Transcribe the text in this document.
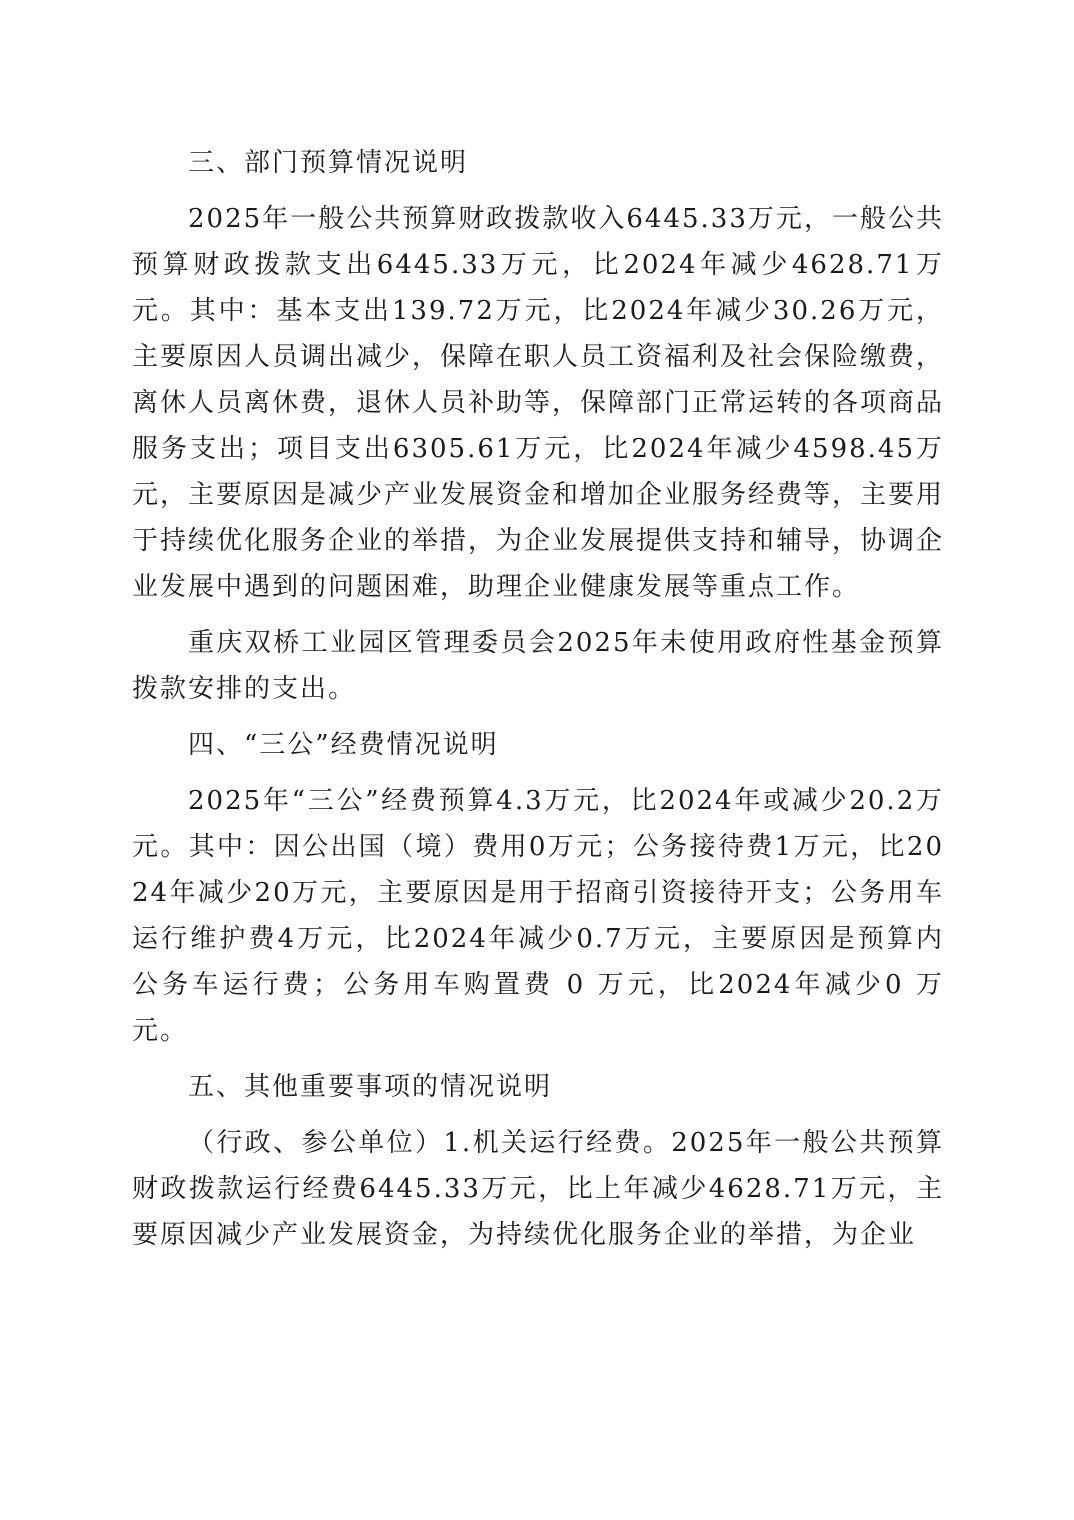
三、部门预算情况说明

2025年一般公共预算财政拨款收入6445.33万元，一般公共预算财政拨款支出6445.33万元，比2024年减少4628.71万元。其中：基本支出139.72万元，比2024年减少30.26万元，主要原因人员调出减少，保障在职人员工资福利及社会保险缴费，离休人员离休费，退休人员补助等，保障部门正常运转的各项商品服务支出；项目支出6305.61万元，比2024年减少4598.45万元，主要原因是减少产业发展资金和增加企业服务经费等，主要用于持续优化服务企业的举措，为企业发展提供支持和辅导，协调企业发展中遇到的问题困难，助理企业健康发展等重点工作。

重庆双桥工业园区管理委员会2025年未使用政府性基金预算拨款安排的支出。

四、“三公”经费情况说明

2025年“三公”经费预算4.3万元，比2024年或减少20.2万元。其中：因公出国（境）费用0万元；公务接待费1万元，比2024年减少20万元，主要原因是用于招商引资接待开支；公务用车运行维护费4万元，比2024年减少0.7万元，主要原因是预算内公务车运行费；公务用车购置费 0 万元，比2024年减少0 万元。

五、其他重要事项的情况说明

（行政、参公单位）1.机关运行经费。2025年一般公共预算财政拨款运行经费6445.33万元，比上年减少4628.71万元，主要原因减少产业发展资金，为持续优化服务企业的举措，为企业
